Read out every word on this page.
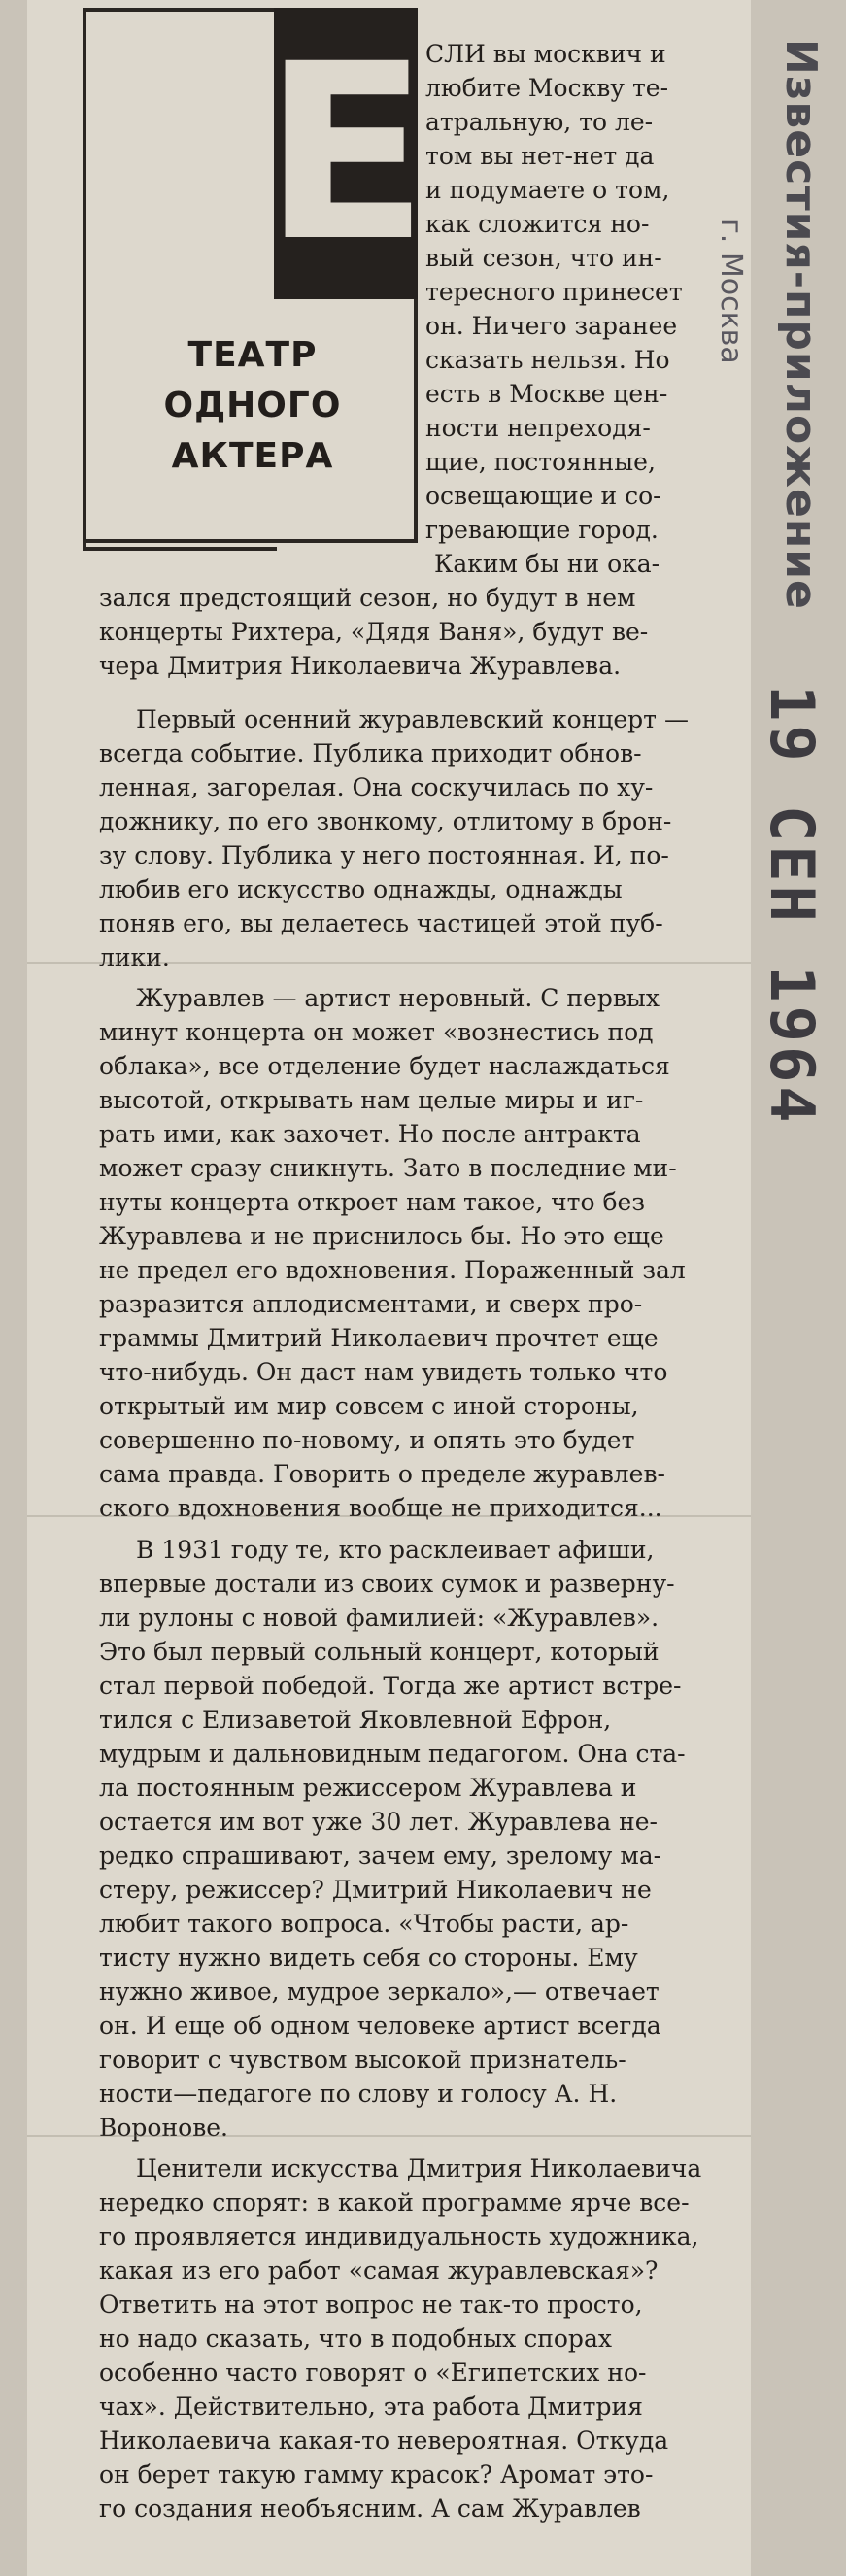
Е
ТЕАТР
ОДНОГО
АКТЕРА
СЛИ вы москвич и
любите Москву те-
атральную, то ле-
том вы нет-нет да
и подумаете о том,
как сложится но-
вый сезон, что ин-
тересного принесет
он. Ничего заранее
сказать нельзя. Но
есть в Москве цен-
ности непреходя-
щие, постоянные,
освещающие и со-
гревающие город.
Каким бы ни ока-
зался предстоящий сезон, но будут в нем
концерты Рихтера, «Дядя Ваня», будут ве-
чера Дмитрия Николаевича Журавлева.
Первый осенний журавлевский концерт —
всегда событие. Публика приходит обнов-
ленная, загорелая. Она соскучилась по ху-
дожнику, по его звонкому, отлитому в брон-
зу слову. Публика у него постоянная. И, по-
любив его искусство однажды, однажды
поняв его, вы делаетесь частицей этой пуб-
лики.
Журавлев — артист неровный. С первых
минут концерта он может «вознестись под
облака», все отделение будет наслаждаться
высотой, открывать нам целые миры и иг-
рать ими, как захочет. Но после антракта
может сразу сникнуть. Зато в последние ми-
нуты концерта откроет нам такое, что без
Журавлева и не приснилось бы. Но это еще
не предел его вдохновения. Пораженный зал
разразится аплодисментами, и сверх про-
граммы Дмитрий Николаевич прочтет еще
что-нибудь. Он даст нам увидеть только что
открытый им мир совсем с иной стороны,
совершенно по-новому, и опять это будет
сама правда. Говорить о пределе журавлев-
ского вдохновения вообще не приходится...
В 1931 году те, кто расклеивает афиши,
впервые достали из своих сумок и разверну-
ли рулоны с новой фамилией: «Журавлев».
Это был первый сольный концерт, который
стал первой победой. Тогда же артист встре-
тился с Елизаветой Яковлевной Ефрон,
мудрым и дальновидным педагогом. Она ста-
ла постоянным режиссером Журавлева и
остается им вот уже 30 лет. Журавлева не-
редко спрашивают, зачем ему, зрелому ма-
стеру, режиссер? Дмитрий Николаевич не
любит такого вопроса. «Чтобы расти, ар-
тисту нужно видеть себя со стороны. Ему
нужно живое, мудрое зеркало»,— отвечает
он. И еще об одном человеке артист всегда
говорит с чувством высокой признатель-
ности—педагоге по слову и голосу А. Н.
Воронове.
Ценители искусства Дмитрия Николаевича
нередко спорят: в какой программе ярче все-
го проявляется индивидуальность художника,
какая из его работ «самая журавлевская»?
Ответить на этот вопрос не так-то просто,
но надо сказать, что в подобных спорах
особенно часто говорят о «Египетских но-
чах». Действительно, эта работа Дмитрия
Николаевича какая-то невероятная. Откуда
он берет такую гамму красок? Аромат это-
го создания необъясним. А сам Журавлев
Известия-приложение
г. Москва
19 СЕН 1964
